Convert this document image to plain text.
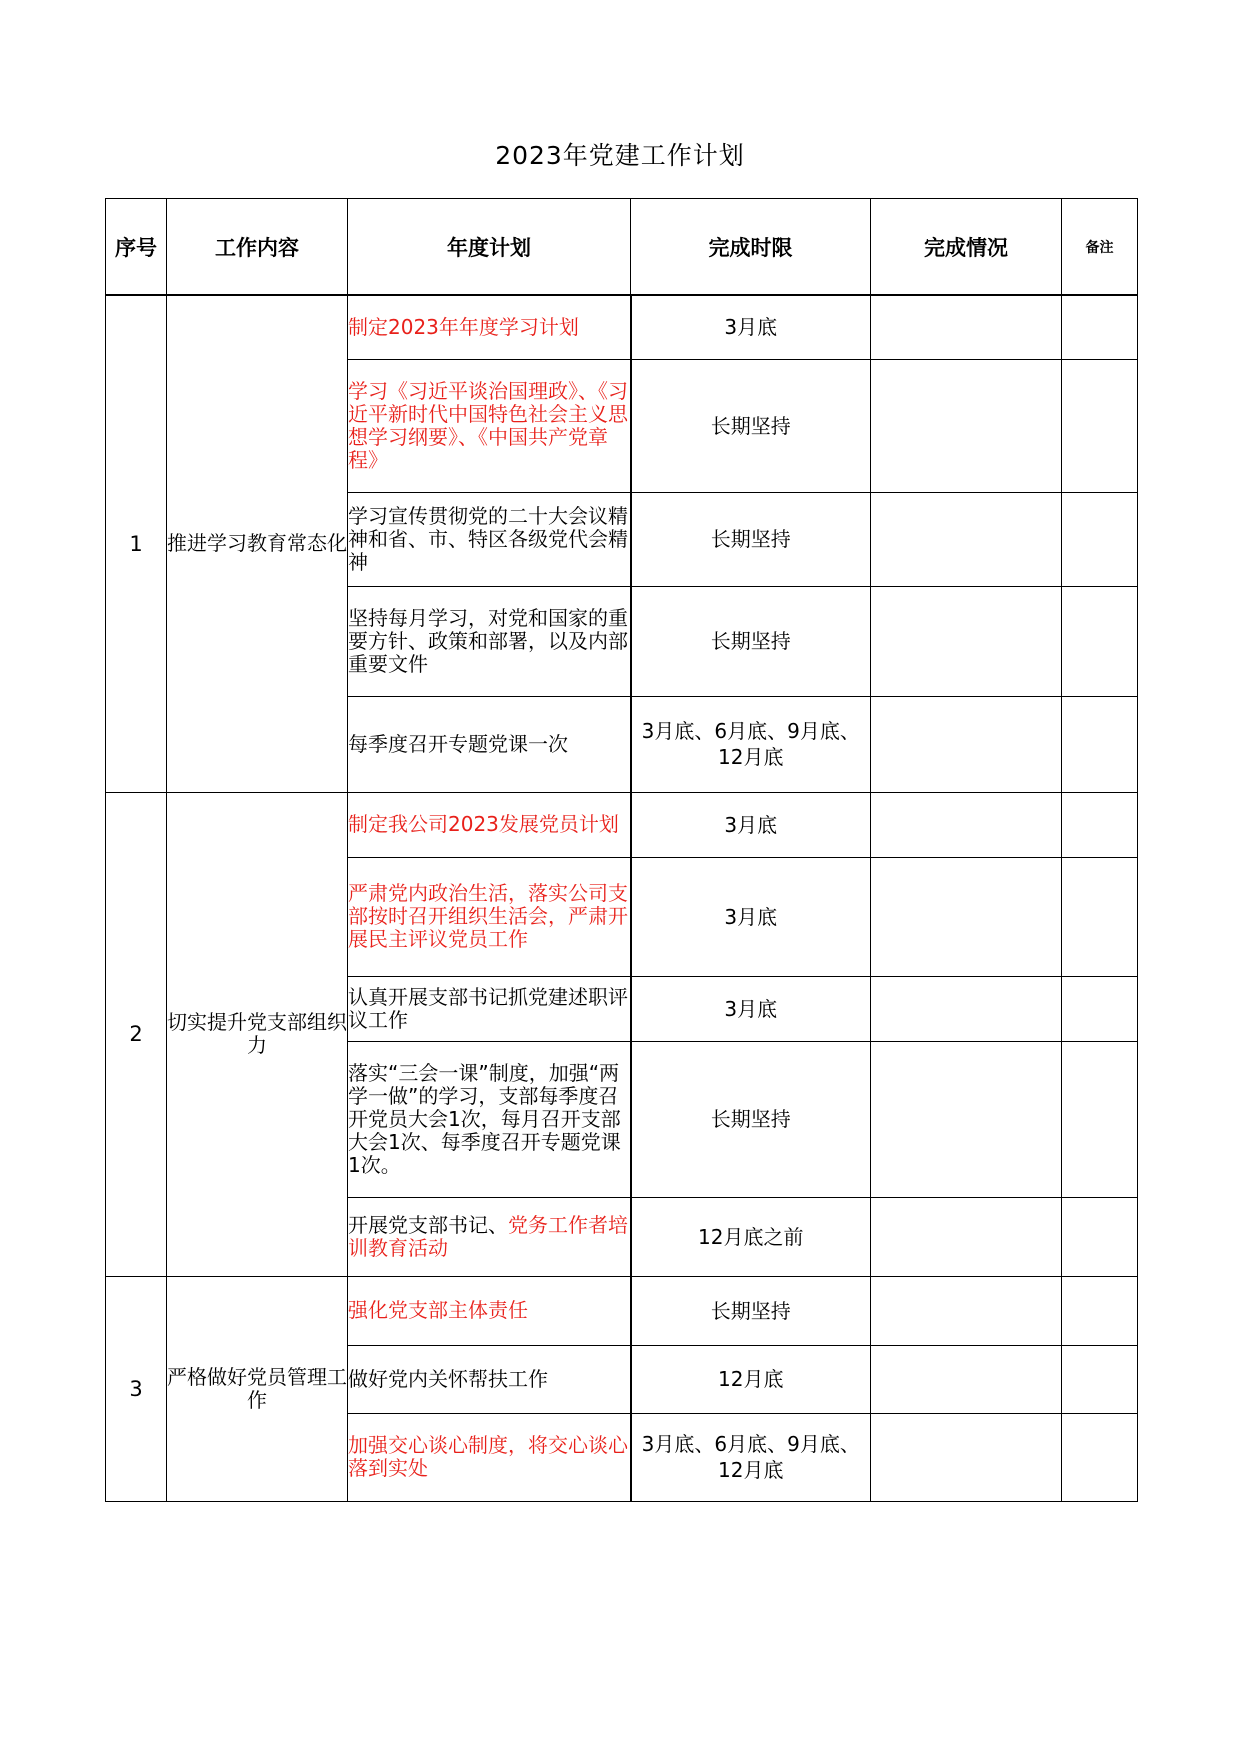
2023年党建工作计划
序号	工作内容	年度计划	完成时限	完成情况	备注
1	推进学习教育常态化	制定2023年年度学习计划	3月底		
		学习《习近平谈治国理政》、《习近平新时代中国特色社会主义思想学习纲要》、《中国共产党章程》	长期坚持		
		学习宣传贯彻党的二十大会议精神和省、市、特区各级党代会精神	长期坚持		
		坚持每月学习，对党和国家的重要方针、政策和部署，以及内部重要文件	长期坚持		
		每季度召开专题党课一次	3月底、6月底、9月底、12月底		
2	切实提升党支部组织力	制定我公司2023发展党员计划	3月底		
		严肃党内政治生活，落实公司支部按时召开组织生活会，严肃开展民主评议党员工作	3月底		
		认真开展支部书记抓党建述职评议工作	3月底		
		落实“三会一课”制度，加强“两学一做”的学习，支部每季度召开党员大会1次，每月召开支部大会1次、每季度召开专题党课1次。	长期坚持		
		开展党支部书记、党务工作者培训教育活动	12月底之前		
3	严格做好党员管理工作	强化党支部主体责任	长期坚持		
		做好党内关怀帮扶工作	12月底		
		加强交心谈心制度，将交心谈心落到实处	3月底、6月底、9月底、12月底		
